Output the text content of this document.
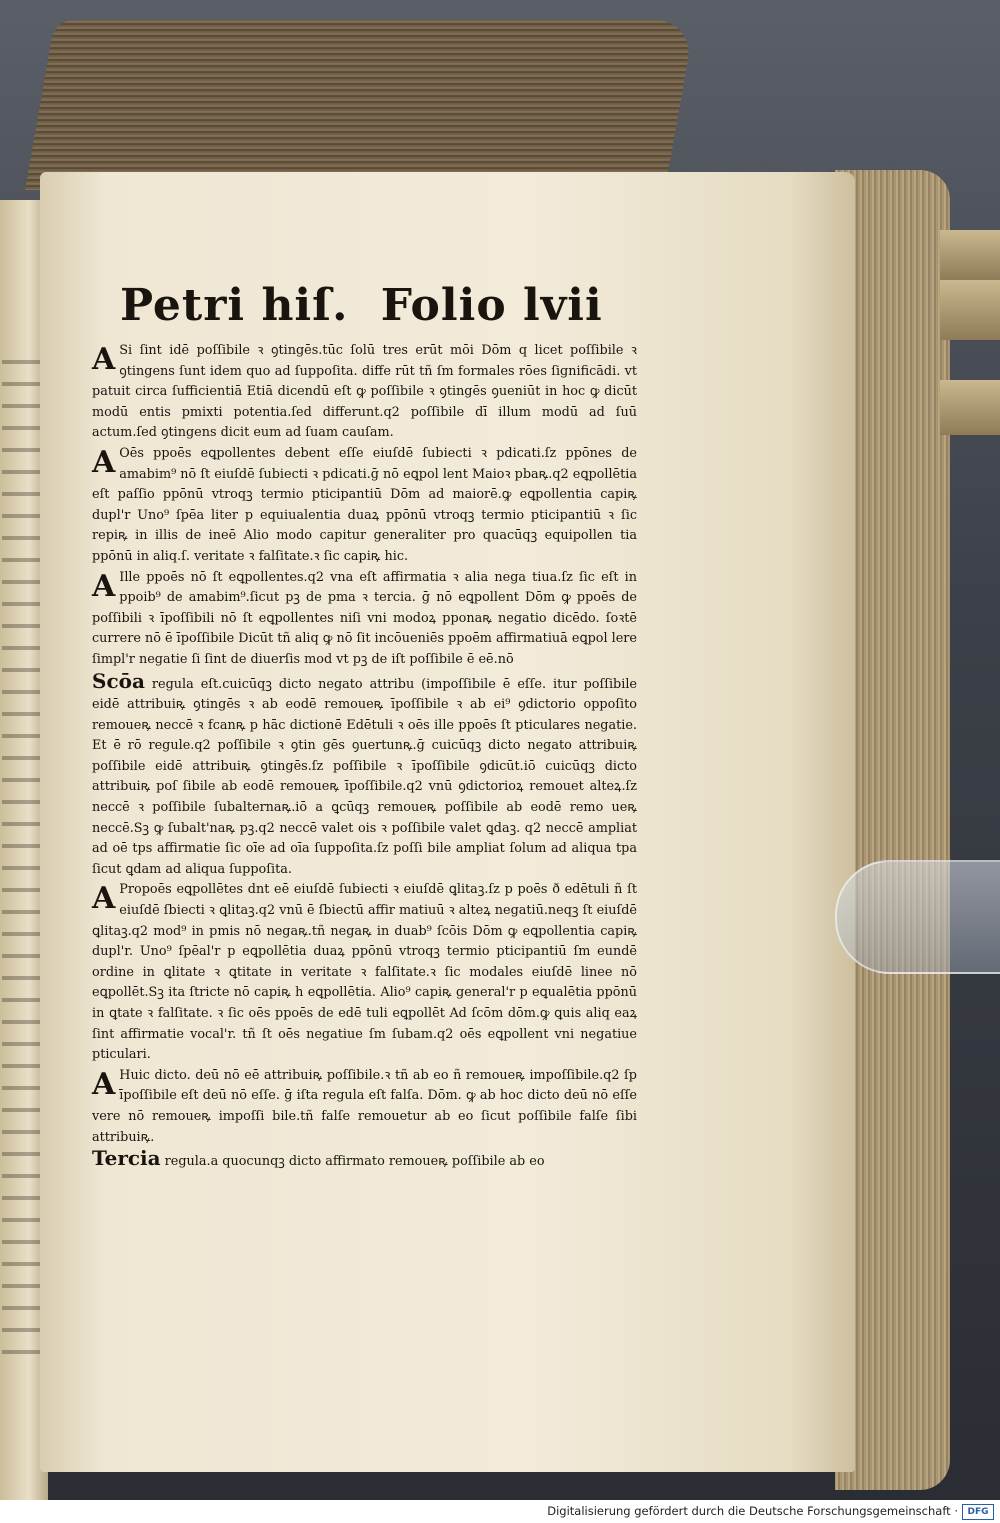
Petri hiſ. Folio lvii
A Si ſint idē poſſibile ꝛ ꝯtingēs.tūc ſolū tres erūt mōi Dōm q licet poſſibile ꝛ ꝯtingens ſunt idem quo ad ſuppoſita. diffe rūt tñ ſm formales rōes ſignificādi. vt patuit circa ſufficientiā Etiā dicendū eſt ꝙ poſſibile ꝛ ꝯtingēs ꝯueniūt in hoc ꝙ dicūt modū entis pmixti potentia.ſed differunt.q2 poſſibile dī illum modū ad ſuū actum.ſed ꝯtingens dicit eum ad ſuam cauſam.

A Oēs ppoēs eꝗpollentes debent eſſe eiuſdē ſubiecti ꝛ pdicati.ſz ppōnes de amabim⁹ nō ſt eiuſdē ſubiecti ꝛ pdicati.ḡ nō eꝗpol lent Maioꝛ pbaꝶ.q2 eꝗpollētia eſt paſſio ppōnū vtroqꝫ termio pticipantiū Dōm ad maiorē.ꝙ eꝗpollentia capiꝶ dupl'r Uno⁹ ſpēa liter p equiualentia duaꝝ ppōnū vtroqꝫ termio pticipantiū ꝛ ſic repiꝶ in illis de ineē Alio modo capitur generaliter pro quacūqꝫ equipollen tia ppōnū in aliq.ſ. veritate ꝛ falſitate.ꝛ ſic capiꝶ hic.

A Ille ppoēs nō ſt eꝗpollentes.q2 vna eſt affirmatia ꝛ alia nega tiua.ſz ſic eſt in ppoib⁹ de amabim⁹.ſicut pꝫ de pma ꝛ tercia. ḡ nō eꝗpollent Dōm ꝙ ppoēs de poſſibili ꝛ īpoſſibili nō ſt eꝗpollentes niſi vni modoꝝ pponaꝶ negatio dicēdo. ſoꝛtē currere nō ē īpoſſibile Dicūt tñ aliq ꝙ nō ſit incōueniēs ppoēm affirmatiuā eꝗpol lere ſimpl'r negatie ſi ſint de diuerſis mod vt pꝫ de iſt poſſibile ē eē.nō

Scōa regula eſt.cuicūqꝫ dicto negato attribu (impoſſibile ē eſſe. itur poſſibile eidē attribuiꝶ ꝯtingēs ꝛ ab eodē remoueꝶ īpoſſibile ꝛ ab ei⁹ ꝯdictorio oppoſito remoueꝶ neccē ꝛ fcanꝶ p hāc dictionē Edētuli ꝛ oēs ille ppoēs ſt pticulares negatie. Et ē rō regule.q2 poſſibile ꝛ ꝯtin gēs ꝯuertunꝶ.ḡ cuicūqꝫ dicto negato attribuiꝶ poſſibile eidē attribuiꝶ ꝯtingēs.ſz poſſibile ꝛ īpoſſibile ꝯdicūt.iō cuicūqꝫ dicto attribuiꝶ poſ ſibile ab eodē remoueꝶ īpoſſibile.q2 vnū ꝯdictorioꝝ remouet alteꝝ.ſz neccē ꝛ poſſibile ſubalternaꝶ.iō a ꝗcūqꝫ remoueꝶ poſſibile ab eodē remo ueꝶ neccē.Sꝫ ꝙ ſubalt'naꝶ pꝫ.q2 neccē valet ois ꝛ poſſibile valet ꝗdaꝫ. q2 neccē ampliat ad oē tps affirmatie ſic oīe ad oīa ſuppoſita.ſz poſſi bile ampliat ſolum ad aliqua tpa ſicut ꝗdam ad aliqua ſuppoſita.

A Propoēs eꝗpollētes dnt eē eiuſdē ſubiecti ꝛ eiuſdē ꝗlitaꝫ.ſz p poēs ð edētuli ñ ſt eiuſdē ſbiecti ꝛ ꝗlitaꝫ.q2 vnū ē ſbiectū affir matiuū ꝛ alteꝝ negatiū.neqꝫ ſt eiuſdē ꝗlitaꝫ.q2 mod⁹ in pmis nō negaꝶ.tñ negaꝶ in duab⁹ ſcōis Dōm ꝙ eꝗpollentia capiꝶ dupl'r. Uno⁹ ſpēal'r p eꝗpollētia duaꝝ ppōnū vtroqꝫ termio pticipantiū ſm eundē ordine in ꝗlitate ꝛ ꝗtitate in veritate ꝛ falſitate.ꝛ ſic modales eiuſdē linee nō eꝗpollēt.Sꝫ ita ſtricte nō capiꝶ h eꝗpollētia. Alio⁹ capiꝶ general'r p eꝗualētia ppōnū in ꝗtate ꝛ falſitate. ꝛ ſic oēs ppoēs de edē tuli eꝗpollēt Ad ſcōm dōm.ꝙ ꝗuis aliq eaꝝ ſint affirmatie vocal'r. tñ ſt oēs negatiue ſm ſubam.q2 oēs eꝗpollent vni negatiue pticulari.

A Huic dicto. deū nō eē attribuiꝶ poſſibile.ꝛ tñ ab eo ñ remoueꝶ impoſſibile.q2 ſp īpoſſibile eſt deū nō eſſe. ḡ iſta regula eſt falſa. Dōm. ꝙ ab hoc dicto deū nō eſſe vere nō remoueꝶ impoſſi bile.tñ falſe remouetur ab eo ſicut poſſibile falſe ſibi attribuiꝶ.

Tercia regula.a quocunqꝫ dicto affirmato remoueꝶ poſſibile ab eo

Digitalisierung gefördert durch die Deutsche Forschungsgemeinschaft ·	DFG
